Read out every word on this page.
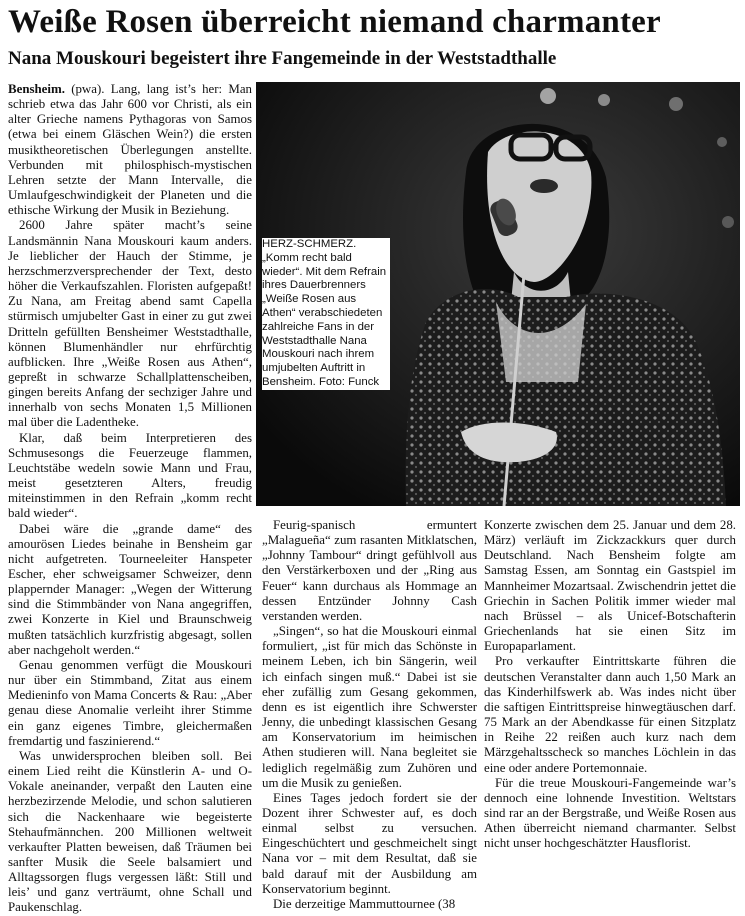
Weiße Rosen überreicht niemand charmanter
Nana Mouskouri begeistert ihre Fangemeinde in der Weststadthalle

Bensheim. (pwa). Lang, lang ist’s her: Man schrieb etwa das Jahr 600 vor Christi, als ein alter Grieche namens Pythagoras von Samos (etwa bei einem Gläschen Wein?) die ersten musiktheoretischen Überlegungen anstellte. Verbunden mit philosphisch-mystischen Lehren setzte der Mann Intervalle, die Umlaufgeschwindigkeit der Planeten und die ethische Wirkung der Musik in Beziehung.

2600 Jahre später macht’s seine Landsmännin Nana Mouskouri kaum anders. Je lieblicher der Hauch der Stimme, je herzschmerzversprechender der Text, desto höher die Verkaufszahlen. Floristen aufgepaßt! Zu Nana, am Freitag abend samt Capella stürmisch umjubelter Gast in einer zu gut zwei Dritteln gefüllten Bensheimer Weststadthalle, können Blumenhändler nur ehrfürchtig aufblicken. Ihre „Weiße Rosen aus Athen“, gepreßt in schwarze Schallplattenscheiben, gingen bereits Anfang der sechziger Jahre und innerhalb von sechs Monaten 1,5 Millionen mal über die Ladentheke.

Klar, daß beim Interpretieren des Schmusesongs die Feuerzeuge flammen, Leuchtstäbe wedeln sowie Mann und Frau, meist gesetzteren Alters, freudig miteinstimmen in den Refrain „komm recht bald wieder“.

Dabei wäre die „grande dame“ des amourösen Liedes beinahe in Bensheim gar nicht aufgetreten. Tourneeleiter Hanspeter Escher, eher schweigsamer Schweizer, denn plappernder Manager: „Wegen der Witterung sind die Stimmbänder von Nana angegriffen, zwei Konzerte in Kiel und Braunschweig mußten tatsächlich kurzfristig abgesagt, sollen aber nachgeholt werden.“

Genau genommen verfügt die Mouskouri nur über ein Stimmband, Zitat aus einem Medieninfo von Mama Concerts & Rau: „Aber genau diese Anomalie verleiht ihrer Stimme ein ganz eigenes Timbre, gleichermaßen fremdartig und faszinierend.“

Was unwidersprochen bleiben soll. Bei einem Lied reiht die Künstlerin A- und O-Vokale aneinander, verpaßt den Lauten eine herzbezirzende Melodie, und schon salutieren sich die Nackenhaare wie begeisterte Stehaufmännchen. 200 Millionen weltweit verkaufter Platten beweisen, daß Träumen bei sanfter Musik die Seele balsamiert und Alltagssorgen flugs vergessen läßt: Still und leis’ und ganz verträumt, ohne Schall und Paukenschlag.

HERZ-SCHMERZ.
„Komm recht bald wieder“. Mit dem Refrain ihres Dauerbrenners „Weiße Rosen aus Athen“ verabschiedeten zahlreiche Fans in der Weststadthalle Nana Mouskouri nach ihrem umjubelten Auftritt in Bensheim. Foto: Funck

Feurig-spanisch ermuntert „Malagueña“ zum rasanten Mitklatschen, „Johnny Tambour“ dringt gefühlvoll aus den Verstärkerboxen und der „Ring aus Feuer“ kann durchaus als Hommage an dessen Entzünder Johnny Cash verstanden werden.

„Singen“, so hat die Mouskouri einmal formuliert, „ist für mich das Schönste in meinem Leben, ich bin Sängerin, weil ich einfach singen muß.“ Dabei ist sie eher zufällig zum Gesang gekommen, denn es ist eigentlich ihre Schwerster Jenny, die unbedingt klassischen Gesang am Konservatorium im heimischen Athen studieren will. Nana begleitet sie lediglich regelmäßig zum Zuhören und um die Musik zu genießen.

Eines Tages jedoch fordert sie der Dozent ihrer Schwester auf, es doch einmal selbst zu versuchen. Eingeschüchtert und geschmeichelt singt Nana vor – mit dem Resultat, daß sie bald darauf mit der Ausbildung am Konservatorium beginnt.

Die derzeitige Mammuttournee (38

Konzerte zwischen dem 25. Januar und dem 28. März) verläuft im Zickzackkurs quer durch Deutschland. Nach Bensheim folgte am Samstag Essen, am Sonntag ein Gastspiel im Mannheimer Mozartsaal. Zwischendrin jettet die Griechin in Sachen Politik immer wieder mal nach Brüssel – als Unicef-Botschafterin Griechenlands hat sie einen Sitz im Europaparlament.

Pro verkaufter Eintrittskarte führen die deutschen Veranstalter dann auch 1,50 Mark an das Kinderhilfswerk ab. Was indes nicht über die saftigen Eintrittspreise hinwegtäuschen darf. 75 Mark an der Abendkasse für einen Sitzplatz in Reihe 22 reißen auch kurz nach dem Märzgehaltsscheck so manches Löchlein in das eine oder andere Portemonnaie.

Für die treue Mouskouri-Fangemeinde war’s dennoch eine lohnende Investition. Weltstars sind rar an der Bergstraße, und Weiße Rosen aus Athen überreicht niemand charmanter. Selbst nicht unser hochgeschätzter Hausflorist.
